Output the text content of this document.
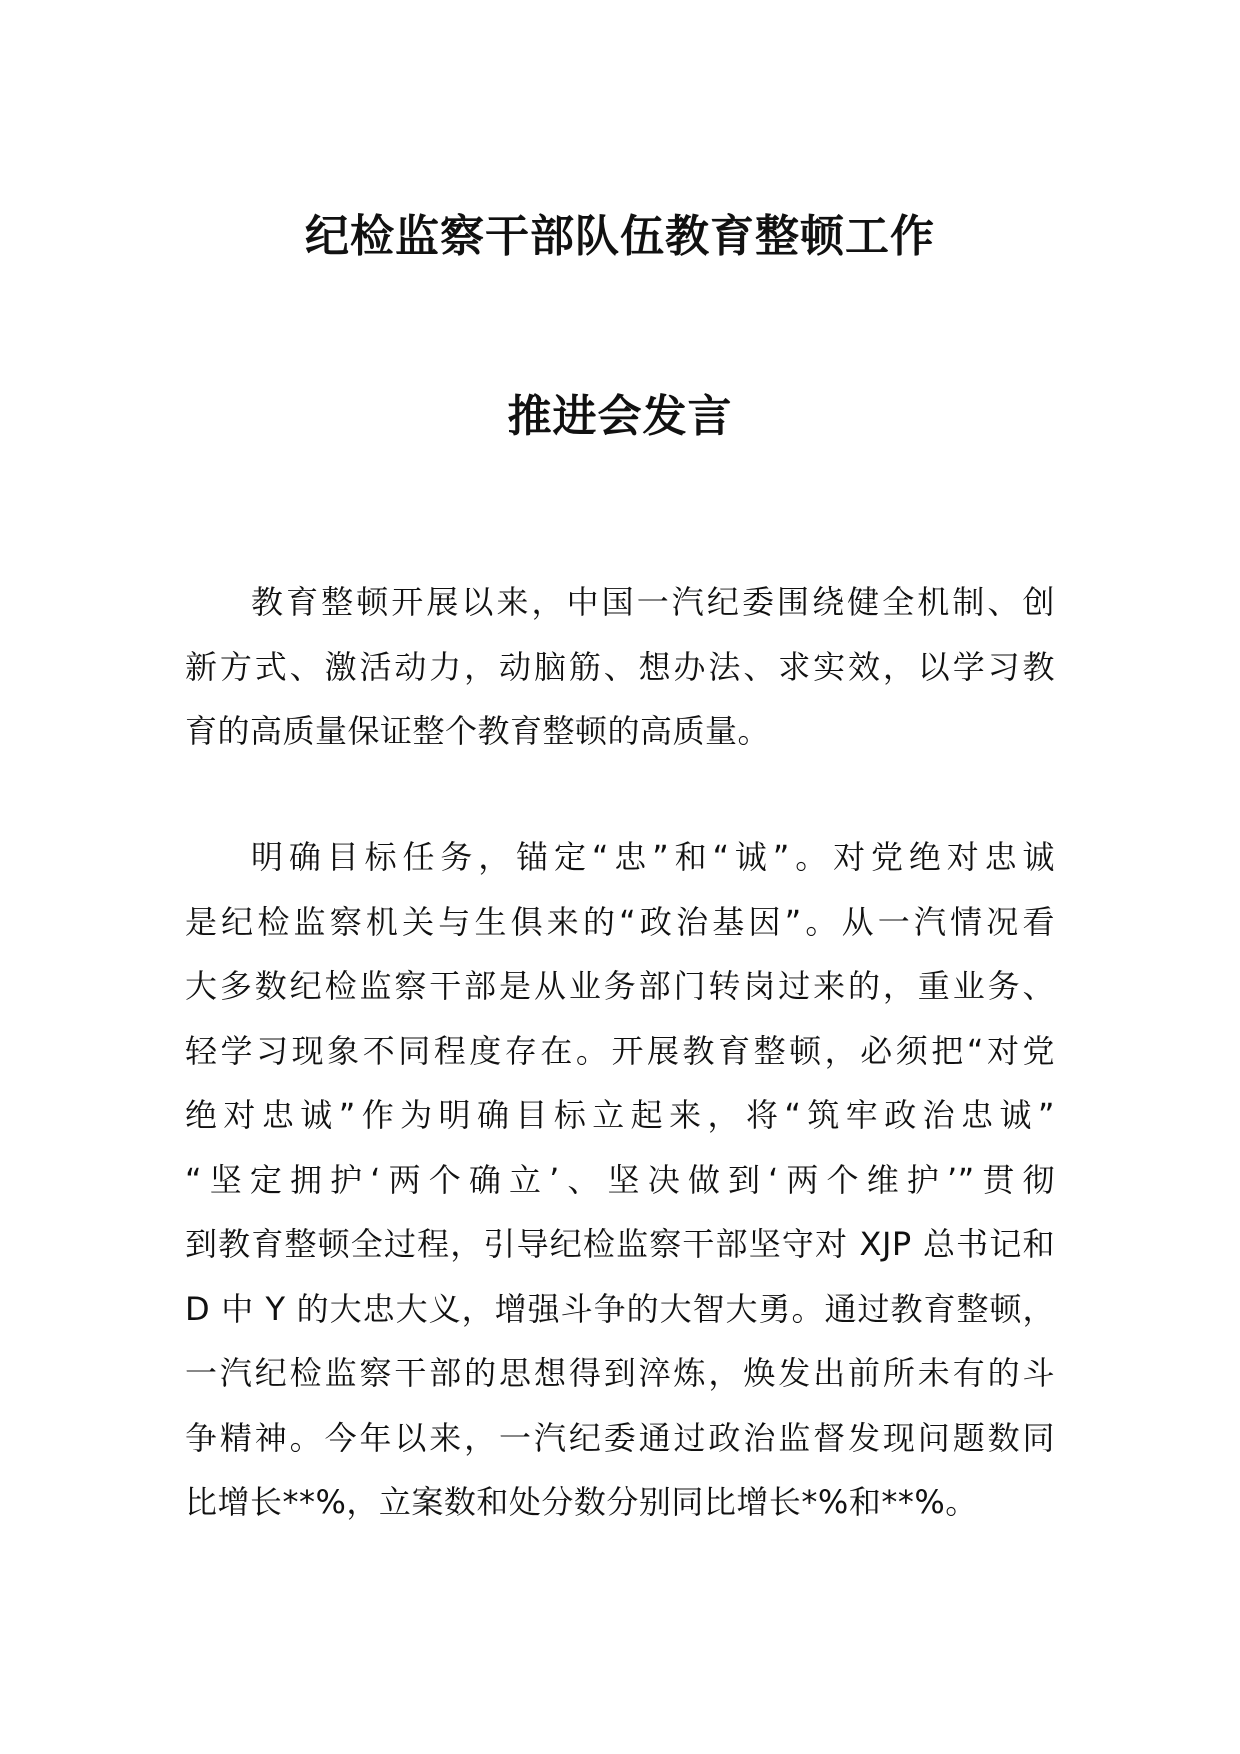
纪检监察干部队伍教育整顿工作
推进会发言
教育整顿开展以来，中国一汽纪委围绕健全机制、创
新方式、激活动力，动脑筋、想办法、求实效，以学习教
育的高质量保证整个教育整顿的高质量。
明确目标任务，锚定“忠”和“诚”。对党绝对忠诚
是纪检监察机关与生俱来的“政治基因”。从一汽情况看
大多数纪检监察干部是从业务部门转岗过来的，重业务、
轻学习现象不同程度存在。开展教育整顿，必须把“对党
绝对忠诚”作为明确目标立起来，将“筑牢政治忠诚”
“坚定拥护‘两个确立’、坚决做到‘两个维护’”贯彻
到教育整顿全过程，引导纪检监察干部坚守对 XJP 总书记和
D 中 Y 的大忠大义，增强斗争的大智大勇。通过教育整顿，
一汽纪检监察干部的思想得到淬炼，焕发出前所未有的斗
争精神。今年以来，一汽纪委通过政治监督发现问题数同
比增长**%，立案数和处分数分别同比增长*%和**%。
